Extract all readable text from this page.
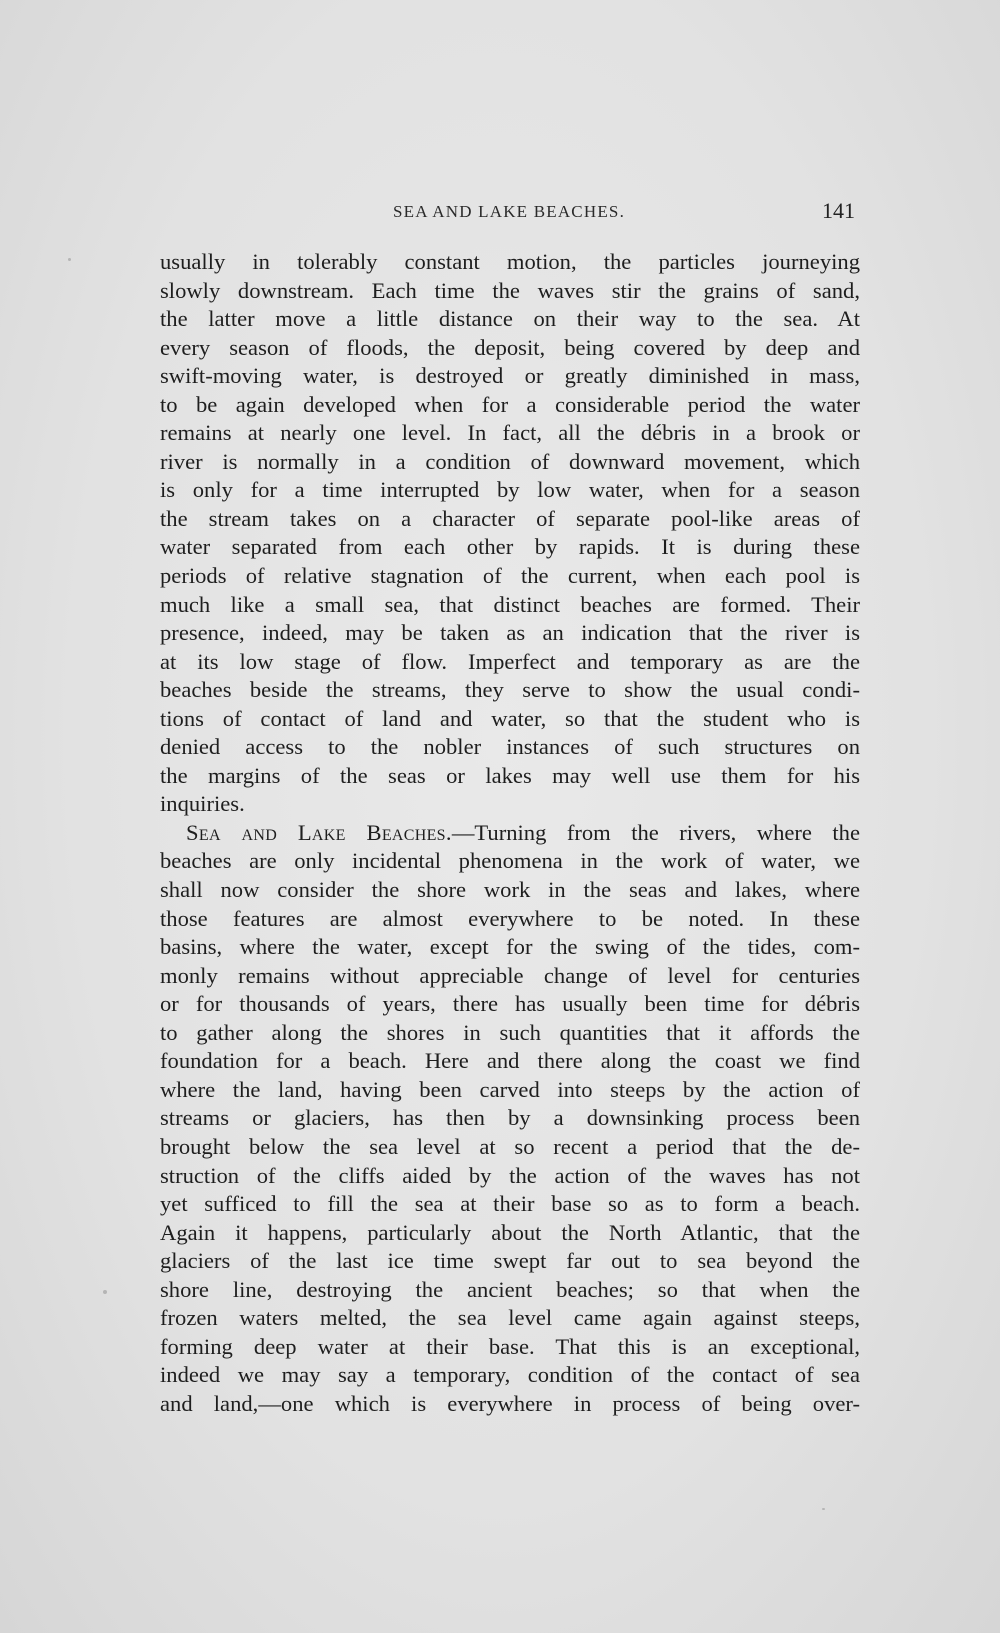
SEA AND LAKE BEACHES.	141
usually in tolerably constant motion, the particles journeying
slowly downstream. Each time the waves stir the grains of sand,
the latter move a little distance on their way to the sea. At
every season of floods, the deposit, being covered by deep and
swift-moving water, is destroyed or greatly diminished in mass,
to be again developed when for a considerable period the water
remains at nearly one level. In fact, all the débris in a brook or
river is normally in a condition of downward movement, which
is only for a time interrupted by low water, when for a season
the stream takes on a character of separate pool-like areas of
water separated from each other by rapids. It is during these
periods of relative stagnation of the current, when each pool is
much like a small sea, that distinct beaches are formed. Their
presence, indeed, may be taken as an indication that the river is
at its low stage of flow. Imperfect and temporary as are the
beaches beside the streams, they serve to show the usual condi-
tions of contact of land and water, so that the student who is
denied access to the nobler instances of such structures on
the margins of the seas or lakes may well use them for his
inquiries.
Sea and Lake Beaches.—Turning from the rivers, where the
beaches are only incidental phenomena in the work of water, we
shall now consider the shore work in the seas and lakes, where
those features are almost everywhere to be noted. In these
basins, where the water, except for the swing of the tides, com-
monly remains without appreciable change of level for centuries
or for thousands of years, there has usually been time for débris
to gather along the shores in such quantities that it affords the
foundation for a beach. Here and there along the coast we find
where the land, having been carved into steeps by the action of
streams or glaciers, has then by a downsinking process been
brought below the sea level at so recent a period that the de-
struction of the cliffs aided by the action of the waves has not
yet sufficed to fill the sea at their base so as to form a beach.
Again it happens, particularly about the North Atlantic, that the
glaciers of the last ice time swept far out to sea beyond the
shore line, destroying the ancient beaches; so that when the
frozen waters melted, the sea level came again against steeps,
forming deep water at their base. That this is an exceptional,
indeed we may say a temporary, condition of the contact of sea
and land,—one which is everywhere in process of being over-
